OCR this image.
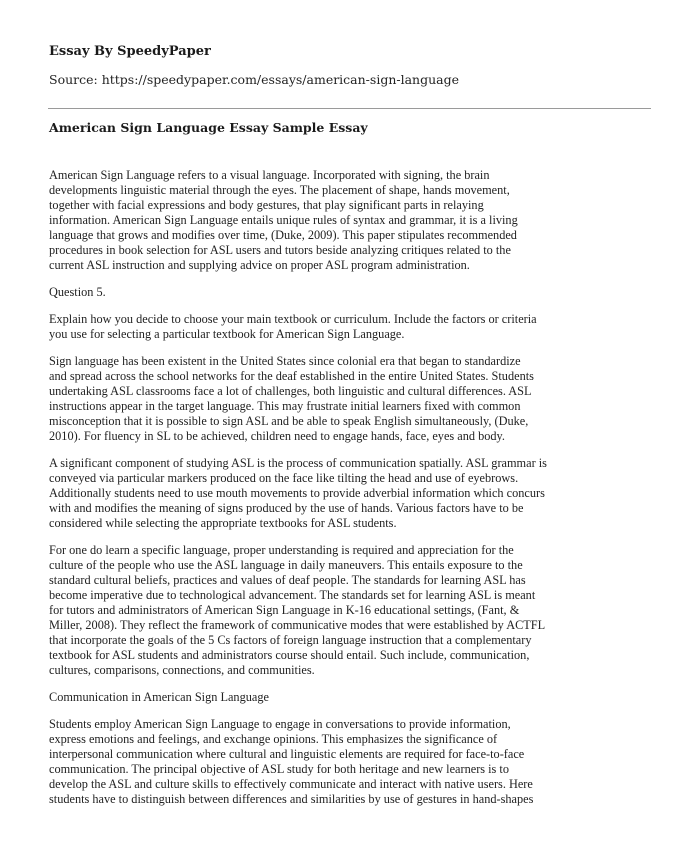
Essay By SpeedyPaper
Source: https://speedypaper.com/essays/american-sign-language
American Sign Language Essay Sample Essay

American Sign Language refers to a visual language. Incorporated with signing, the brain
developments linguistic material through the eyes. The placement of shape, hands movement,
together with facial expressions and body gestures, that play significant parts in relaying
information. American Sign Language entails unique rules of syntax and grammar, it is a living
language that grows and modifies over time, (Duke, 2009). This paper stipulates recommended
procedures in book selection for ASL users and tutors beside analyzing critiques related to the
current ASL instruction and supplying advice on proper ASL program administration.

Question 5.

Explain how you decide to choose your main textbook or curriculum. Include the factors or criteria
you use for selecting a particular textbook for American Sign Language.

Sign language has been existent in the United States since colonial era that began to standardize
and spread across the school networks for the deaf established in the entire United States. Students
undertaking ASL classrooms face a lot of challenges, both linguistic and cultural differences. ASL
instructions appear in the target language. This may frustrate initial learners fixed with common
misconception that it is possible to sign ASL and be able to speak English simultaneously, (Duke,
2010). For fluency in SL to be achieved, children need to engage hands, face, eyes and body.

A significant component of studying ASL is the process of communication spatially. ASL grammar is
conveyed via particular markers produced on the face like tilting the head and use of eyebrows.
Additionally students need to use mouth movements to provide adverbial information which concurs
with and modifies the meaning of signs produced by the use of hands. Various factors have to be
considered while selecting the appropriate textbooks for ASL students.

For one do learn a specific language, proper understanding is required and appreciation for the
culture of the people who use the ASL language in daily maneuvers. This entails exposure to the
standard cultural beliefs, practices and values of deaf people. The standards for learning ASL has
become imperative due to technological advancement. The standards set for learning ASL is meant
for tutors and administrators of American Sign Language in K-16 educational settings, (Fant, &
Miller, 2008). They reflect the framework of communicative modes that were established by ACTFL
that incorporate the goals of the 5 Cs factors of foreign language instruction that a complementary
textbook for ASL students and administrators course should entail. Such include, communication,
cultures, comparisons, connections, and communities.

Communication in American Sign Language

Students employ American Sign Language to engage in conversations to provide information,
express emotions and feelings, and exchange opinions. This emphasizes the significance of
interpersonal communication where cultural and linguistic elements are required for face-to-face
communication. The principal objective of ASL study for both heritage and new learners is to
develop the ASL and culture skills to effectively communicate and interact with native users. Here
students have to distinguish between differences and similarities by use of gestures in hand-shapes
